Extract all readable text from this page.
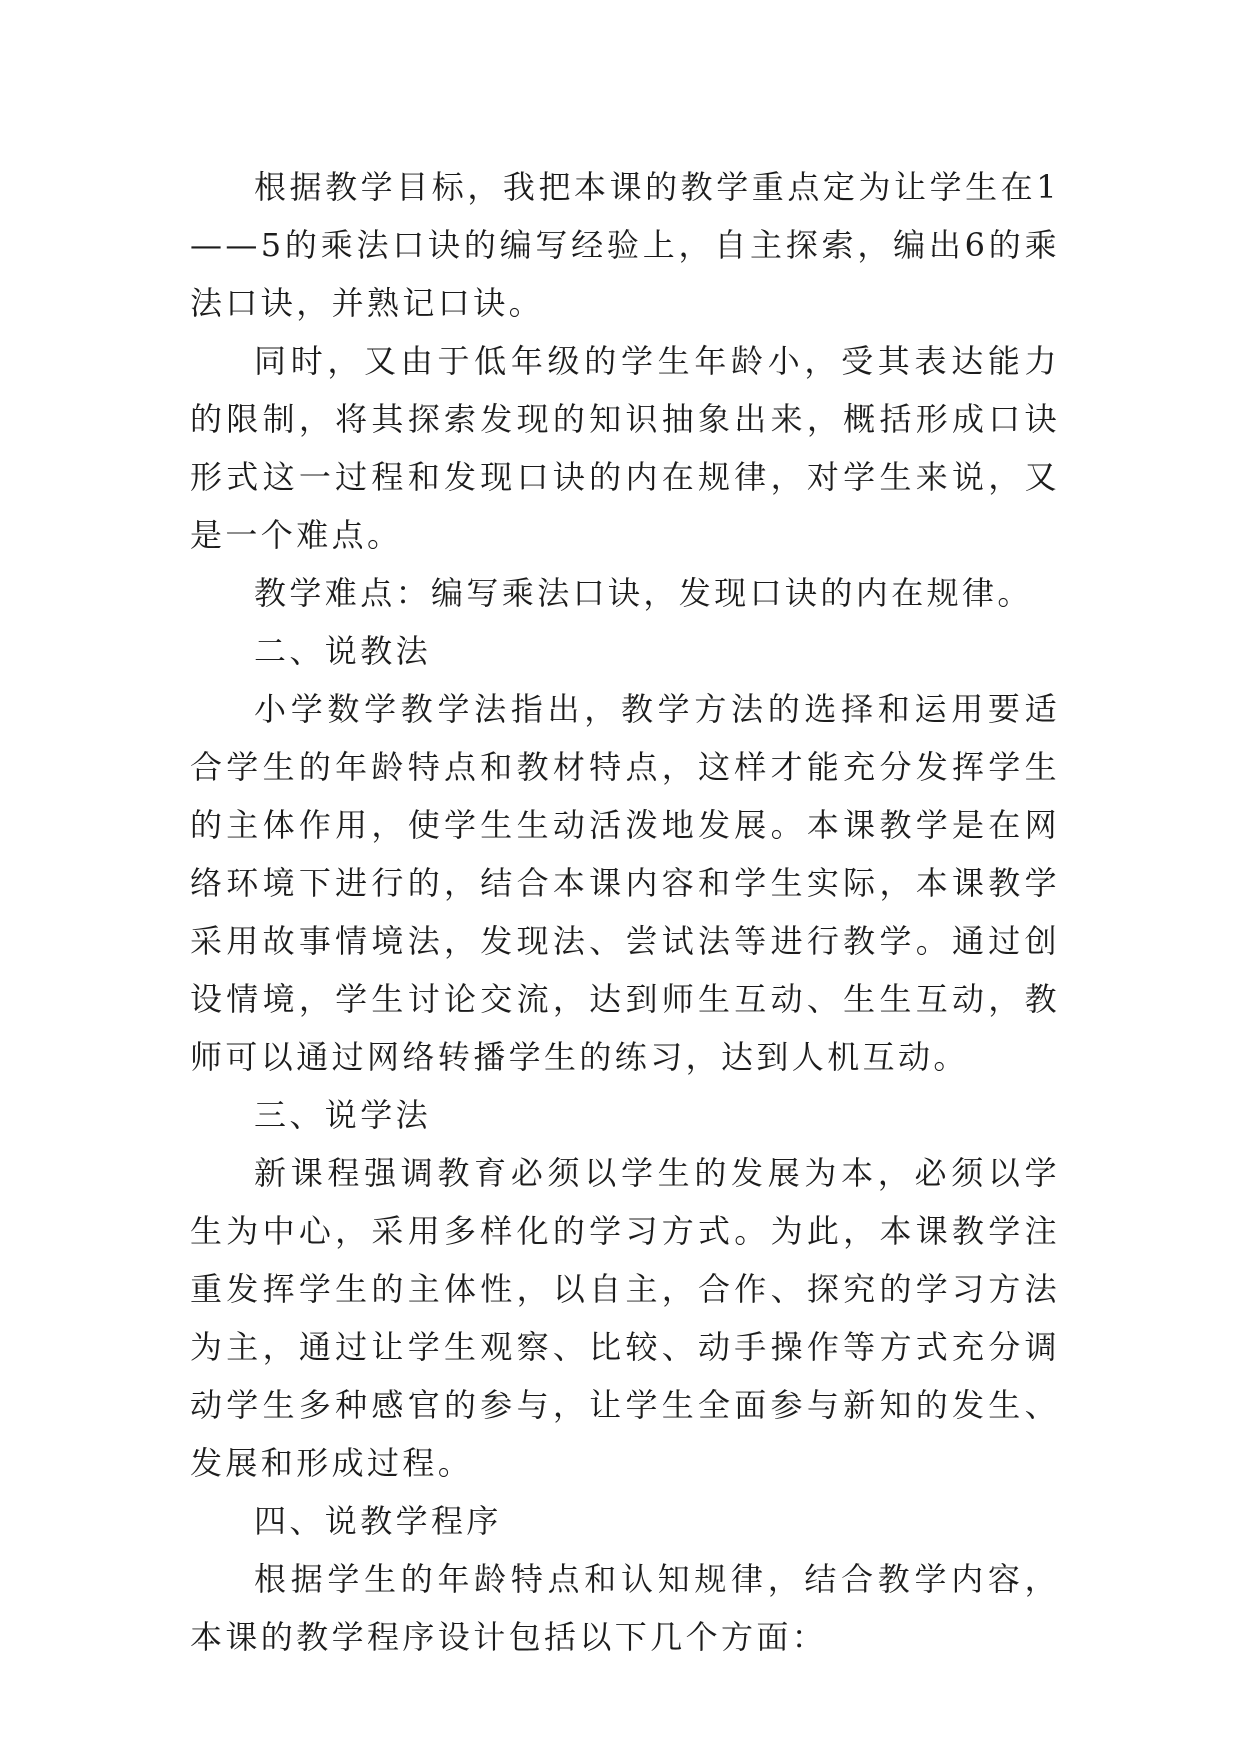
根据教学目标，我把本课的教学重点定为让学生在1——5的乘法口诀的编写经验上，自主探索，编出6的乘法口诀，并熟记口诀。

同时，又由于低年级的学生年龄小，受其表达能力的限制，将其探索发现的知识抽象出来，概括形成口诀形式这一过程和发现口诀的内在规律，对学生来说，又是一个难点。

教学难点：编写乘法口诀，发现口诀的内在规律。

二、说教法

小学数学教学法指出，教学方法的选择和运用要适合学生的年龄特点和教材特点，这样才能充分发挥学生的主体作用，使学生生动活泼地发展。本课教学是在网络环境下进行的，结合本课内容和学生实际，本课教学采用故事情境法，发现法、尝试法等进行教学。通过创设情境，学生讨论交流，达到师生互动、生生互动，教师可以通过网络转播学生的练习，达到人机互动。

三、说学法

新课程强调教育必须以学生的发展为本，必须以学生为中心，采用多样化的学习方式。为此，本课教学注重发挥学生的主体性，以自主，合作、探究的学习方法为主，通过让学生观察、比较、动手操作等方式充分调动学生多种感官的参与，让学生全面参与新知的发生、发展和形成过程。

四、说教学程序

根据学生的年龄特点和认知规律，结合教学内容，本课的教学程序设计包括以下几个方面：
